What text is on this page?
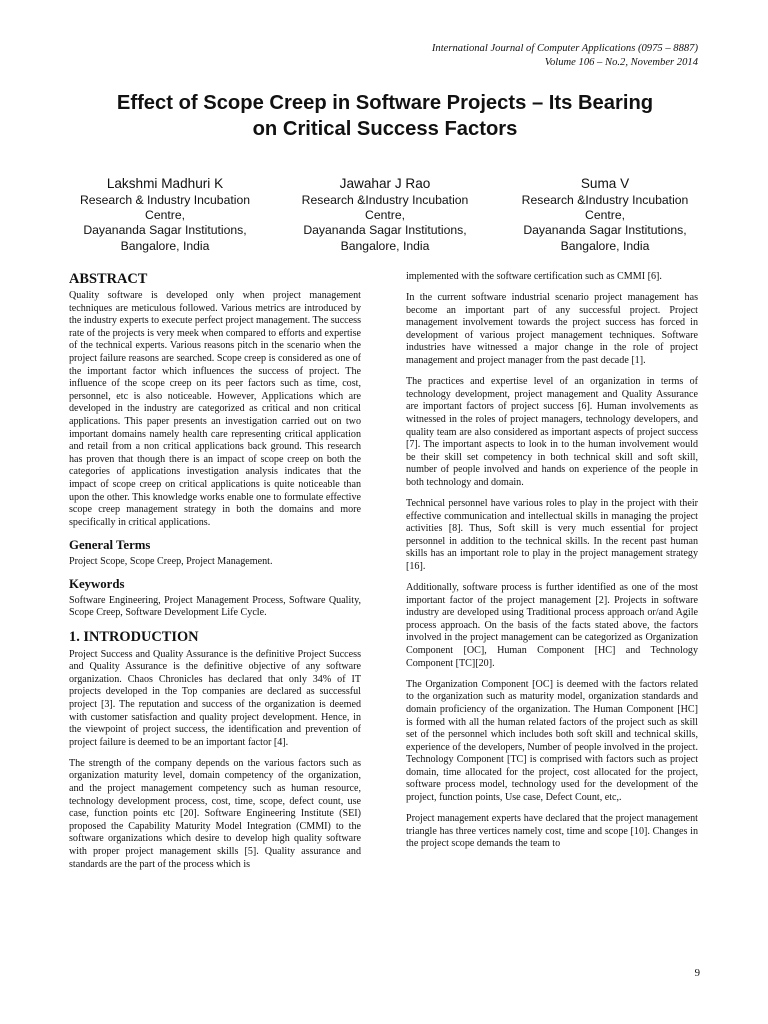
International Journal of Computer Applications (0975 – 8887)
Volume 106 – No.2, November 2014
Effect of Scope Creep in Software Projects – Its Bearing
on Critical Success Factors
Lakshmi Madhuri K
Research & Industry Incubation
Centre,
Dayananda Sagar Institutions,
Bangalore, India
Jawahar J Rao
Research &Industry Incubation
Centre,
Dayananda Sagar Institutions,
Bangalore, India
Suma V
Research &Industry Incubation
Centre,
Dayananda Sagar Institutions,
Bangalore, India
ABSTRACT

Quality software is developed only when project management techniques are meticulous followed. Various metrics are introduced by the industry experts to execute perfect project management. The success rate of the projects is very meek when compared to efforts and expertise of the technical experts. Various reasons pitch in the scenario when the project failure reasons are searched. Scope creep is considered as one of the important factor which influences the success of project. The influence of the scope creep on its peer factors such as time, cost, personnel, etc is also noticeable. However, Applications which are developed in the industry are categorized as critical and non critical applications. This paper presents an investigation carried out on two important domains namely health care representing critical application and retail from a non critical applications back ground. This research has proven that though there is an impact of scope creep on both the categories of applications investigation analysis indicates that the impact of scope creep on critical applications is quite noticeable than upon the other. This knowledge works enable one to formulate effective scope creep management strategy in both the domains and more specifically in critical applications.

General Terms

Project Scope, Scope Creep, Project Management.

Keywords

Software Engineering, Project Management Process, Software Quality, Scope Creep, Software Development Life Cycle.

1. INTRODUCTION

Project Success and Quality Assurance is the definitive Project Success and Quality Assurance is the definitive objective of any software organization. Chaos Chronicles has declared that only 34% of IT projects developed in the Top companies are declared as successful project [3]. The reputation and success of the organization is deemed with customer satisfaction and quality project development. Hence, in the viewpoint of project success, the identification and prevention of project failure is deemed to be an important factor [4].

The strength of the company depends on the various factors such as organization maturity level, domain competency of the organization, and the project management competency such as human resource, technology development process, cost, time, scope, defect count, use case, function points etc [20]. Software Engineering Institute (SEI) proposed the Capability Maturity Model Integration (CMMI) to the software organizations which desire to develop high quality software with proper project management skills [5]. Quality assurance and standards are the part of the process which is

implemented with the software certification such as CMMI [6].

In the current software industrial scenario project management has become an important part of any successful project. Project management involvement towards the project success has forced in development of various project management techniques. Software industries have witnessed a major change in the role of project management and project manager from the past decade [1].

The practices and expertise level of an organization in terms of technology development, project management and Quality Assurance are important factors of project success [6]. Human involvements as witnessed in the roles of project managers, technology developers, and quality team are also considered as important aspects of project success [7]. The important aspects to look in to the human involvement would be their skill set competency in both technical skill and soft skill, number of people involved and hands on experience of the people in both technology and domain.

Technical personnel have various roles to play in the project with their effective communication and intellectual skills in managing the project activities [8]. Thus, Soft skill is very much essential for project personnel in addition to the technical skills. In the recent past human skills has an important role to play in the project management strategy [16].

Additionally, software process is further identified as one of the most important factor of the project management [2]. Projects in software industry are developed using Traditional process approach or/and Agile process approach. On the basis of the facts stated above, the factors involved in the project management can be categorized as Organization Component [OC], Human Component [HC] and Technology Component [TC][20].

The Organization Component [OC] is deemed with the factors related to the organization such as maturity model, organization standards and domain proficiency of the organization. The Human Component [HC] is formed with all the human related factors of the project such as skill set of the personnel which includes both soft skill and technical skills, experience of the developers, Number of people involved in the project. Technology Component [TC] is comprised with factors such as project domain, time allocated for the project, cost allocated for the project, software process model, technology used for the development of the project, function points, Use case, Defect Count, etc,.

Project management experts have declared that the project management triangle has three vertices namely cost, time and scope [10]. Changes in the project scope demands the team to

9
